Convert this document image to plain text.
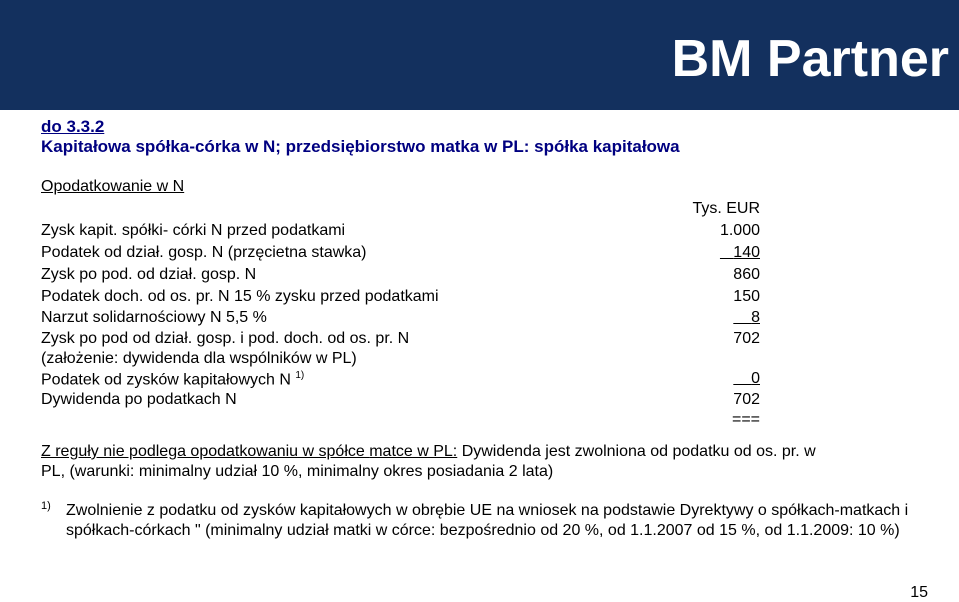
BM Partner
do 3.3.2
Kapitałowa spółka-córka w N; przedsiębiorstwo matka w PL: spółka kapitałowa
Opodatkowanie w N
Tys. EUR
Zysk kapit. spółki- córki N przed podatkami	1.000
Podatek od dział. gosp. N (przęcietna stawka)	140
Zysk po pod. od dział. gosp. N	860
Podatek doch. od os. pr. N 15 % zysku przed podatkami	150
Narzut solidarnościowy N 5,5 %	8
Zysk po pod od dział. gosp. i pod. doch. od os. pr. N	702
(założenie: dywidenda dla wspólników w PL)
Podatek od zysków kapitałowych N $^{1)}$	0
Dywidenda po podatkach N	702
===
Z reguły nie podlega opodatkowaniu w spółce matce w PL: Dywidenda jest zwolniona od podatku od os. pr. w PL, (warunki: minimalny udział 10 %, minimalny okres posiadania 2 lata)
1) Zwolnienie z podatku od zysków kapitałowych w obrębie UE na wniosek na podstawie Dyrektywy o spółkach-matkach i spółkach-córkach " (minimalny udział matki w córce: bezpośrednio od 20 %, od 1.1.2007 od 15 %, od 1.1.2009: 10 %)
15
